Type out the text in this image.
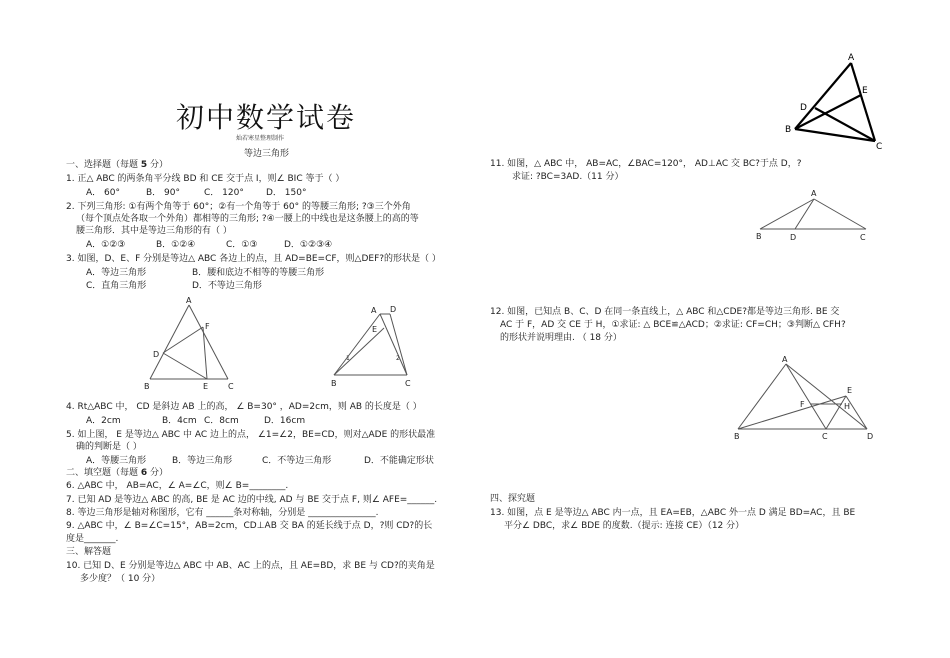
初中数学试卷
灿若寒星整理制作
等边三角形
一、选择题（每题 5 分）
1. 正△ ABC 的两条角平分线 BD 和 CE 交于点 I，则∠ BIC 等于（ ）
A． 60°	B． 90°	C． 120° D． 150°
2. 下列三角形: ①有两个角等于 60°；②有一个角等于 60° 的等腰三角形; ?③三个外角
（每个顶点处各取一个外角）都相等的三角形; ?④一腰上的中线也是这条腰上的高的等
腰三角形．其中是等边三角形的有（ ）
A．①②③	B．①②④	C．①③	D．①②③④
3. 如图，D、E、F 分别是等边△ ABC 各边上的点，且 AD=BE=CF，则△DEF?的形状是（ ）
A．等边三角形	B．腰和底边不相等的等腰三角形
C．直角三角形	D．不等边三角形
A
B	C
D
E
F
A D
E
B	C
1	2
4. Rt△ABC 中， CD 是斜边 AB 上的高， ∠ B=30° ，AD=2cm，则 AB 的长度是（ ）
A．2cm	B．4cm C．8cm	D．16cm
5. 如上图， E 是等边△ ABC 中 AC 边上的点， ∠1=∠2，BE=CD，则对△ADE 的形状最准
确的判断是（ ）
A．等腰三角形	B．等边三角形	C．不等边三角形	D．不能确定形状
二、填空题（每题 6 分）
6. △ABC 中， AB=AC，∠ A=∠C，则∠ B=________.
7. 已知 AD 是等边△ ABC 的高, BE 是 AC 边的中线, AD 与 BE 交于点 F, 则∠ AFE=______.
8. 等边三角形是轴对称图形，它有 ______条对称轴，分别是 _______________.
9. △ABC 中，∠ B=∠C=15°，AB=2cm，CD⊥AB 交 BA 的延长线于点 D，?则 CD?的长
度是_______.
三、解答题
10. 已知 D、E 分别是等边△ ABC 中 AB、AC 上的点，且 AE=BD，求 BE 与 CD?的夹角是
多少度？（ 10 分）
A
D
E
B
C
11. 如图，△ ABC 中， AB=AC，∠BAC=120°， AD⊥AC 交 BC?于点 D，?
求证: ?BC=3AD.（11 分）
A
B	D	C
12. 如图，已知点 B、C、D 在同一条直线上，△ ABC 和△CDE?都是等边三角形. BE 交
AC 于 F，AD 交 CE 于 H，①求证: △ BCE≌△ACD；②求证: CF=CH；③判断△ CFH?
的形状并说明理由. （ 18 分）
A
B	C	D
E
F	H
四、探究题
13. 如图，点 E 是等边△ ABC 内一点，且 EA=EB，△ABC 外一点 D 满足 BD=AC，且 BE
平分∠ DBC，求∠ BDE 的度数.（提示: 连接 CE）（12 分）
